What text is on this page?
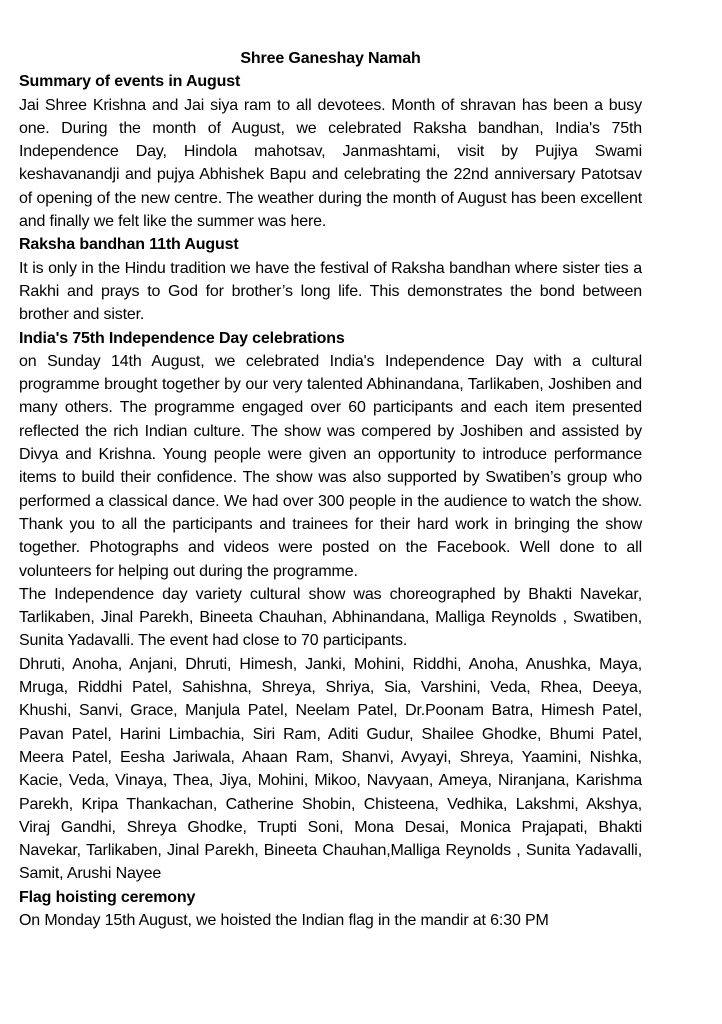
Shree Ganeshay Namah

Summary of events in August

Jai Shree Krishna and Jai siya ram to all devotees. Month of shravan has been a busy one. During the month of August, we celebrated Raksha bandhan, India's 75th Independence Day, Hindola mahotsav, Janmashtami, visit by Pujiya Swami keshavanandji and pujya Abhishek Bapu and celebrating the 22nd anniversary Patotsav of opening of the new centre. The weather during the month of August has been excellent and finally we felt like the summer was here.

Raksha bandhan 11th August

It is only in the Hindu tradition we have the festival of Raksha bandhan where sister ties a Rakhi and prays to God for brother’s long life. This demonstrates the bond between brother and sister.

India's 75th Independence Day celebrations

on Sunday 14th August, we celebrated India's Independence Day with a cultural programme brought together by our very talented Abhinandana, Tarlikaben, Joshiben and many others. The programme engaged over 60 participants and each item presented reflected the rich Indian culture. The show was compered by Joshiben and assisted by Divya and Krishna. Young people were given an opportunity to introduce performance items to build their confidence. The show was also supported by Swatiben’s group who performed a classical dance. We had over 300 people in the audience to watch the show. Thank you to all the participants and trainees for their hard work in bringing the show together. Photographs and videos were posted on the Facebook. Well done to all volunteers for helping out during the programme.

The Independence day variety cultural show was choreographed by Bhakti Navekar, Tarlikaben, Jinal Parekh, Bineeta Chauhan, Abhinandana, Malliga Reynolds , Swatiben, Sunita Yadavalli. The event had close to 70 participants.

Dhruti, Anoha, Anjani, Dhruti, Himesh, Janki, Mohini, Riddhi, Anoha, Anushka, Maya, Mruga, Riddhi Patel, Sahishna, Shreya, Shriya, Sia, Varshini, Veda, Rhea, Deeya, Khushi, Sanvi, Grace, Manjula Patel, Neelam Patel, Dr.Poonam Batra, Himesh Patel, Pavan Patel, Harini Limbachia, Siri Ram, Aditi Gudur, Shailee Ghodke, Bhumi Patel, Meera Patel, Eesha Jariwala, Ahaan Ram, Shanvi, Avyayi, Shreya, Yaamini, Nishka, Kacie, Veda, Vinaya, Thea, Jiya, Mohini, Mikoo, Navyaan, Ameya, Niranjana, Karishma Parekh, Kripa Thankachan, Catherine Shobin, Chisteena, Vedhika, Lakshmi, Akshya, Viraj Gandhi, Shreya Ghodke, Trupti Soni, Mona Desai, Monica Prajapati, Bhakti Navekar, Tarlikaben, Jinal Parekh, Bineeta Chauhan,Malliga Reynolds , Sunita Yadavalli, Samit, Arushi Nayee

Flag hoisting ceremony

On Monday 15th August, we hoisted the Indian flag in the mandir at 6:30 PM
